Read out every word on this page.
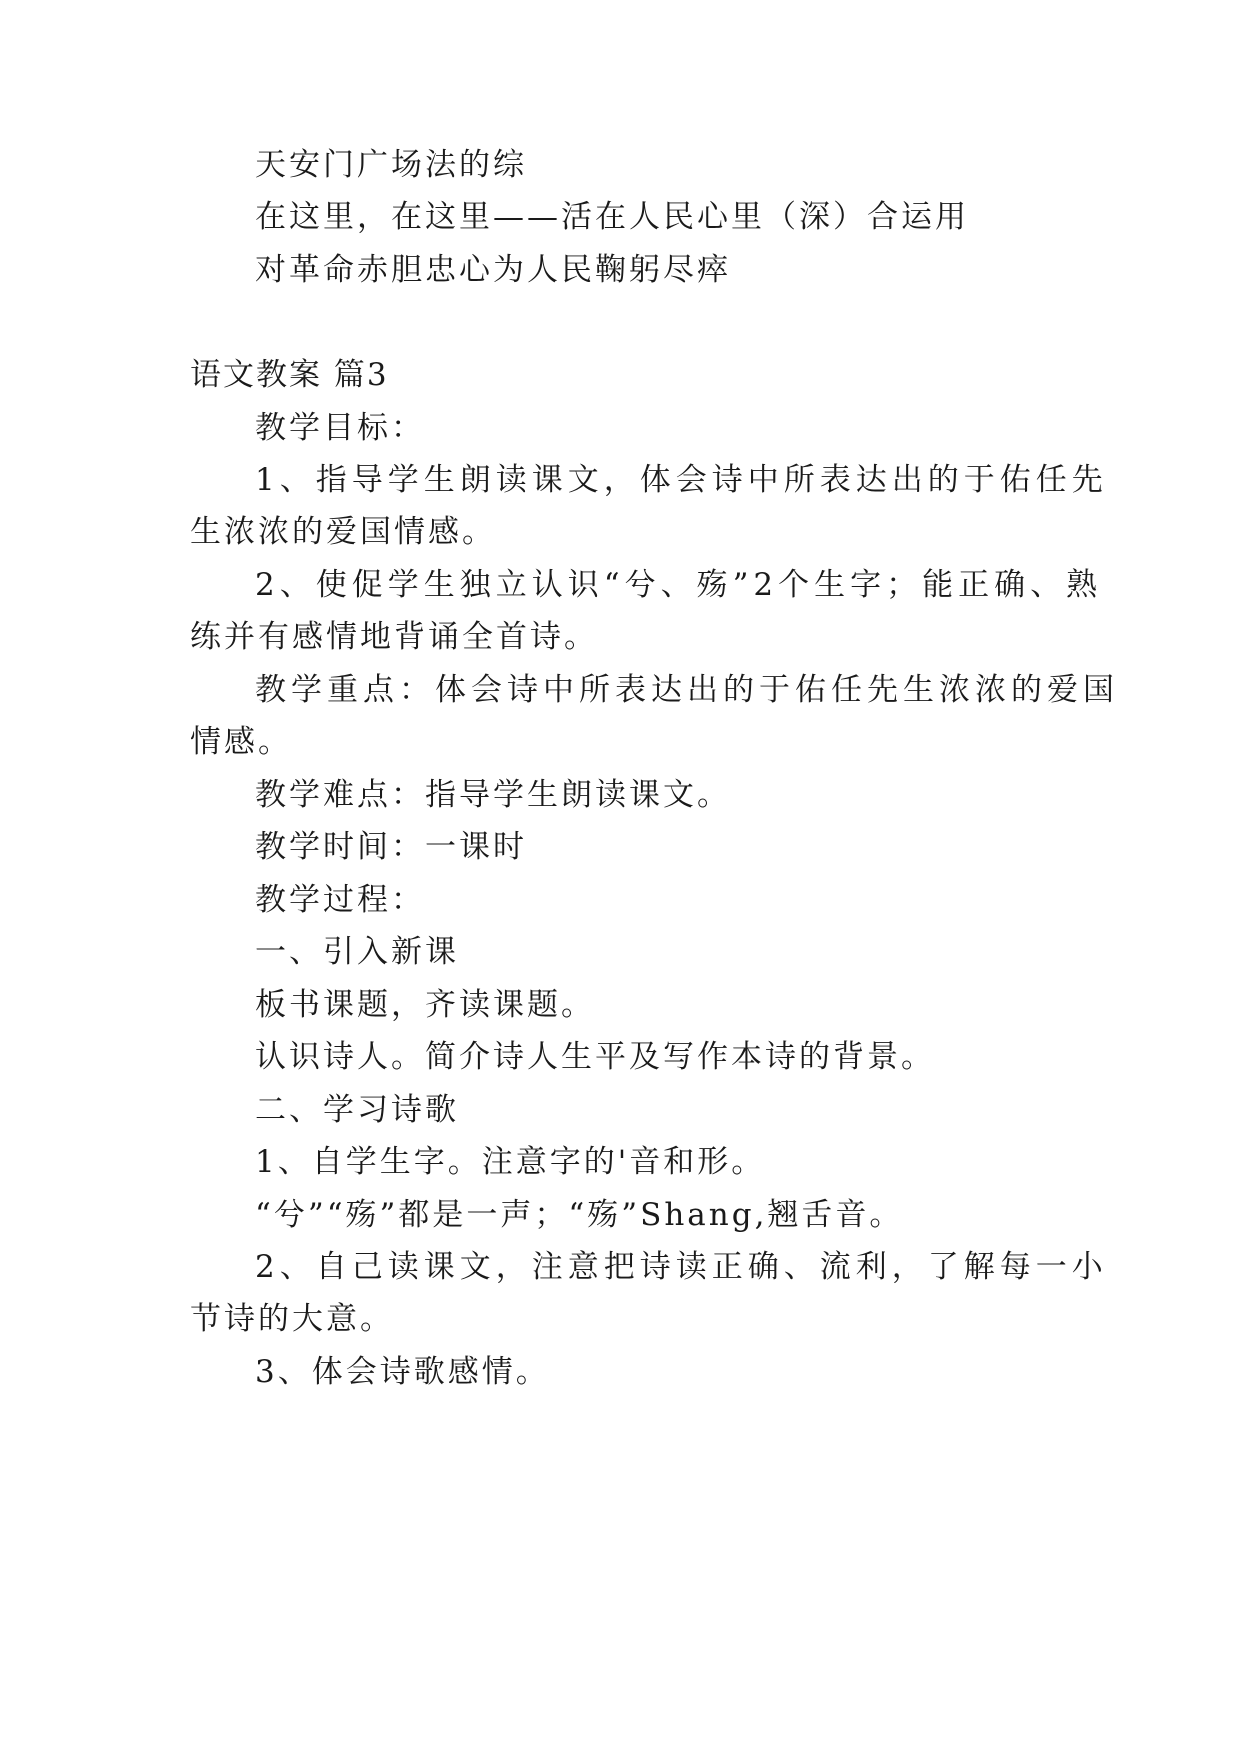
天安门广场法的综
在这里，在这里——活在人民心里（深）合运用
对革命赤胆忠心为人民鞠躬尽瘁
语文教案 篇3
教学目标：
1、指导学生朗读课文，体会诗中所表达出的于佑任先
生浓浓的爱国情感。
2、使促学生独立认识“兮、殇”2个生字；能正确、熟
练并有感情地背诵全首诗。
教学重点：体会诗中所表达出的于佑任先生浓浓的爱国
情感。
教学难点：指导学生朗读课文。
教学时间：一课时
教学过程：
一、引入新课
板书课题，齐读课题。
认识诗人。简介诗人生平及写作本诗的背景。
二、学习诗歌
1、自学生字。注意字的'音和形。
“兮”“殇”都是一声；“殇”Shang,翘舌音。
2、自己读课文，注意把诗读正确、流利，了解每一小
节诗的大意。
3、体会诗歌感情。
